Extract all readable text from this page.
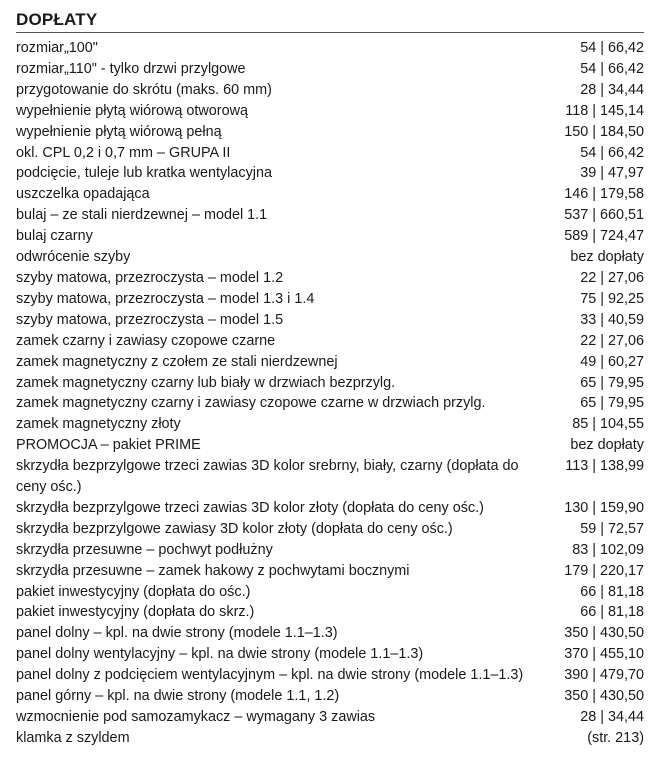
DOPŁATY
rozmiar„100"	54 | 66,42
rozmiar„110" - tylko drzwi przylgowe	54 | 66,42
przygotowanie do skrótu (maks. 60 mm)	28 | 34,44
wypełnienie płytą wiórową otworową	118 | 145,14
wypełnienie płytą wiórową pełną	150 | 184,50
okl. CPL 0,2 i 0,7 mm – GRUPA II	54 | 66,42
podcięcie, tuleje lub kratka wentylacyjna	39 | 47,97
uszczelka opadająca	146 | 179,58
bulaj – ze stali nierdzewnej – model 1.1	537 | 660,51
bulaj czarny	589 | 724,47
odwrócenie szyby	bez dopłaty
szyby matowa, przezroczysta – model 1.2	22 | 27,06
szyby matowa, przezroczysta – model 1.3 i 1.4	75 | 92,25
szyby matowa, przezroczysta – model 1.5	33 | 40,59
zamek czarny i zawiasy czopowe czarne	22 | 27,06
zamek magnetyczny z czołem ze stali nierdzewnej	49 | 60,27
zamek magnetyczny czarny lub biały w drzwiach bezprzylg.	65 | 79,95
zamek magnetyczny czarny i zawiasy czopowe czarne w drzwiach przylg.	65 | 79,95
zamek magnetyczny złoty	85 | 104,55
PROMOCJA – pakiet PRIME	bez dopłaty
skrzydła bezprzylgowe trzeci zawias 3D kolor srebrny, biały, czarny (dopłata do ceny ośc.)
113 | 138,99
skrzydła bezprzylgowe trzeci zawias 3D kolor złoty (dopłata do ceny ośc.)	130 | 159,90
skrzydła bezprzylgowe zawiasy 3D kolor złoty (dopłata do ceny ośc.)	59 | 72,57
skrzydła przesuwne – pochwyt podłużny	83 | 102,09
skrzydła przesuwne – zamek hakowy z pochwytami bocznymi	179 | 220,17
pakiet inwestycyjny (dopłata do ośc.)	66 | 81,18
pakiet inwestycyjny (dopłata do skrz.)	66 | 81,18
panel dolny – kpl. na dwie strony (modele 1.1–1.3)	350 | 430,50
panel dolny wentylacyjny – kpl. na dwie strony (modele 1.1–1.3)	370 | 455,10
panel dolny z podcięciem wentylacyjnym – kpl. na dwie strony (modele 1.1–1.3)	390 | 479,70
panel górny – kpl. na dwie strony (modele 1.1, 1.2)	350 | 430,50
wzmocnienie pod samozamykacz – wymagany 3 zawias	28 | 34,44
klamka z szyldem	(str. 213)
